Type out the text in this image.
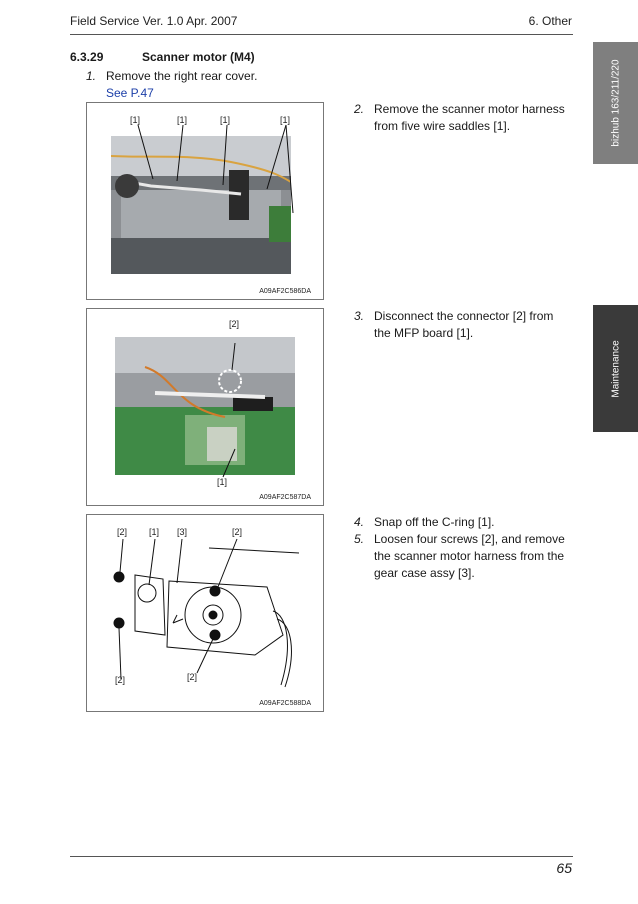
Field Service Ver. 1.0 Apr. 2007	6. Other
bizhub 163/211/220
Maintenance
6.3.29	Scanner motor (M4)
1. Remove the right rear cover.
See P.47
2. Remove the scanner motor harness
from five wire saddles [1].
3. Disconnect the connector [2] from
the MFP board [1].
4. Snap off the C-ring [1].
5. Loosen four screws [2], and remove
the scanner motor harness from the
gear case assy [3].
[1]	[1]	[1]	[1]
A09AF2C586DA
[2]
[1]
A09AF2C587DA
[2] [1] [3]	[2]
[2]	[2]
A09AF2C588DA
65
